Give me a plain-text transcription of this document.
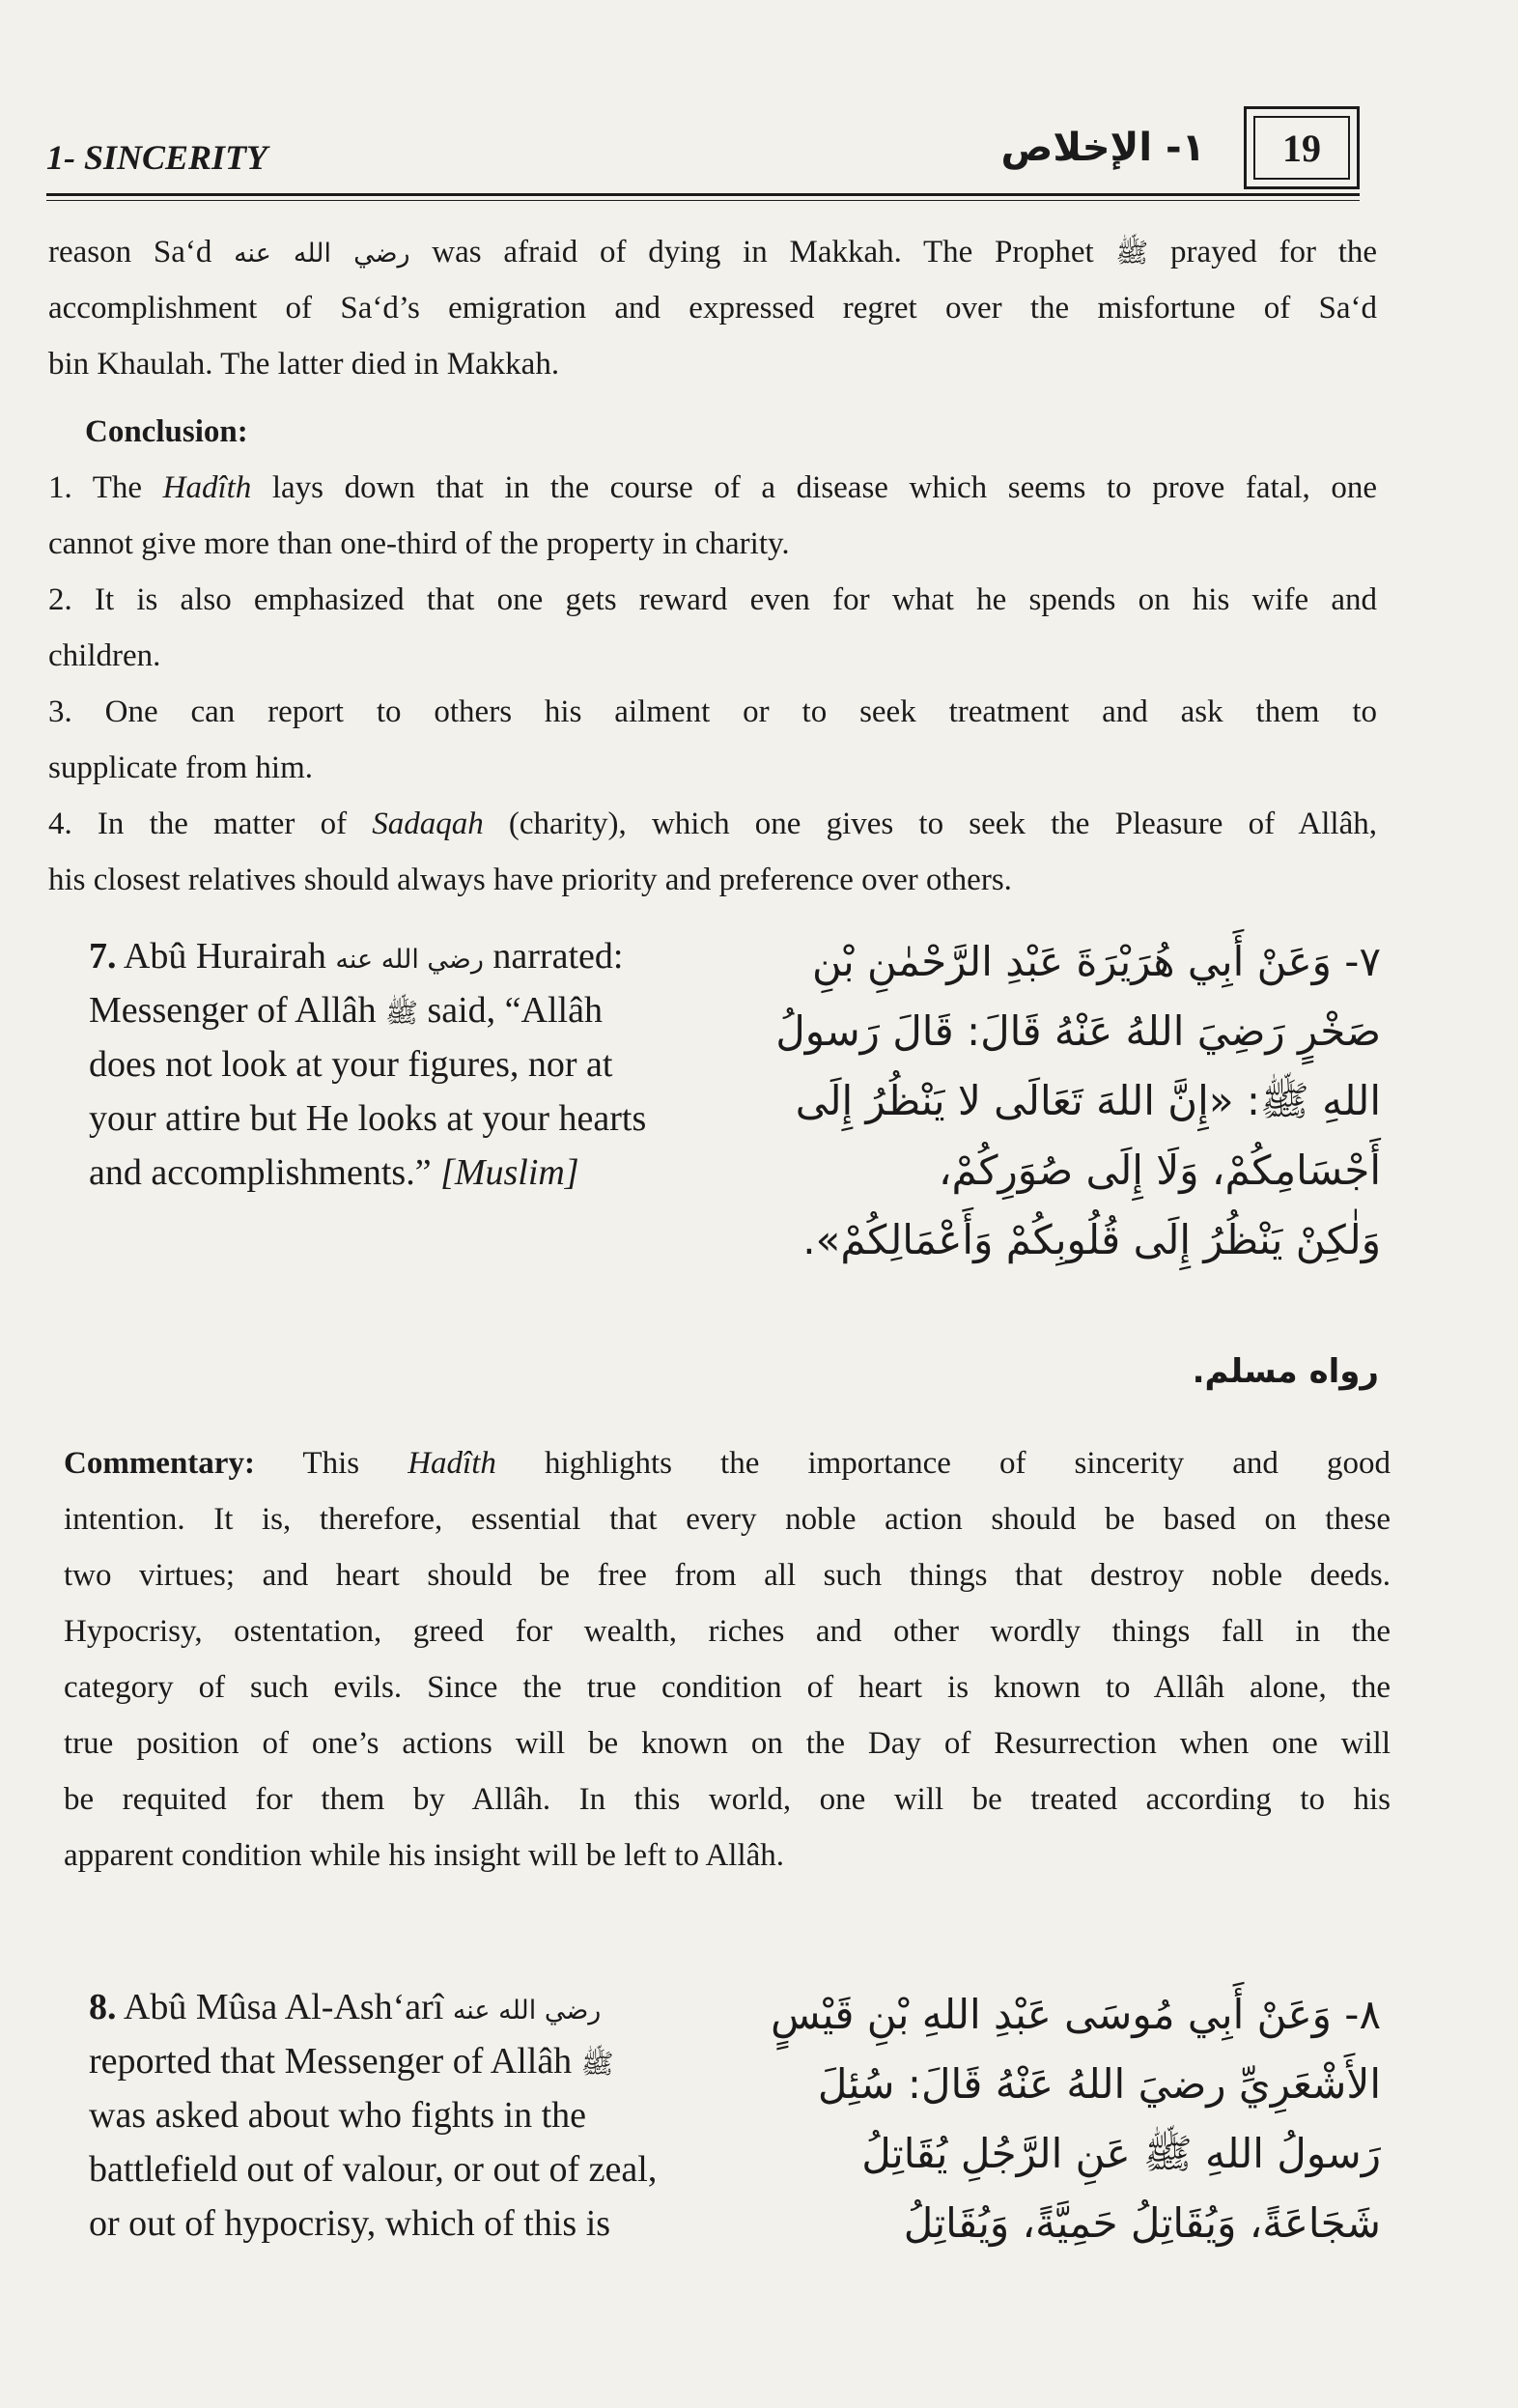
1- SINCERITY	١- الإخلاص	19
reason Sa‘d رضي الله عنه was afraid of dying in Makkah. The Prophet ﷺ prayed for the
accomplishment of Sa‘d’s emigration and expressed regret over the misfortune of Sa‘d
bin Khaulah. The latter died in Makkah.
Conclusion:
1. The Hadîth lays down that in the course of a disease which seems to prove fatal, one
cannot give more than one-third of the property in charity.
2. It is also emphasized that one gets reward even for what he spends on his wife and
children.
3. One can report to others his ailment or to seek treatment and ask them to
supplicate from him.
4. In the matter of Sadaqah (charity), which one gives to seek the Pleasure of Allâh,
his closest relatives should always have priority and preference over others.
7. Abû Hurairah رضي الله عنه narrated:
Messenger of Allâh ﷺ said, “Allâh
does not look at your figures, nor at
your attire but He looks at your hearts
and accomplishments.” [Muslim]
٧- وَعَنْ أَبِي هُرَيْرَةَ عَبْدِ الرَّحْمٰنِ بْنِ
صَخْرٍ رَضِيَ اللهُ عَنْهُ قَالَ: قَالَ رَسولُ
اللهِ ﷺ: «إِنَّ اللهَ تَعَالَى لا يَنْظُرُ إِلَى
أَجْسَامِكُمْ، وَلَا إِلَى صُوَرِكُمْ،
وَلٰكِنْ يَنْظُرُ إِلَى قُلُوبِكُمْ وَأَعْمَالِكُمْ».
رواه مسلم.
Commentary: This Hadîth highlights the importance of sincerity and good
intention. It is, therefore, essential that every noble action should be based on these
two virtues; and heart should be free from all such things that destroy noble deeds.
Hypocrisy, ostentation, greed for wealth, riches and other wordly things fall in the
category of such evils. Since the true condition of heart is known to Allâh alone, the
true position of one’s actions will be known on the Day of Resurrection when one will
be requited for them by Allâh. In this world, one will be treated according to his
apparent condition while his insight will be left to Allâh.
8. Abû Mûsa Al-Ash‘arî رضي الله عنه
reported that Messenger of Allâh ﷺ
was asked about who fights in the
battlefield out of valour, or out of zeal,
or out of hypocrisy, which of this is
٨- وَعَنْ أَبِي مُوسَى عَبْدِ اللهِ بْنِ قَيْسٍ
الأَشْعَرِيِّ رضيَ اللهُ عَنْهُ قَالَ: سُئِلَ
رَسولُ اللهِ ﷺ عَنِ الرَّجُلِ يُقَاتِلُ
شَجَاعَةً، وَيُقَاتِلُ حَمِيَّةً، وَيُقَاتِلُ
